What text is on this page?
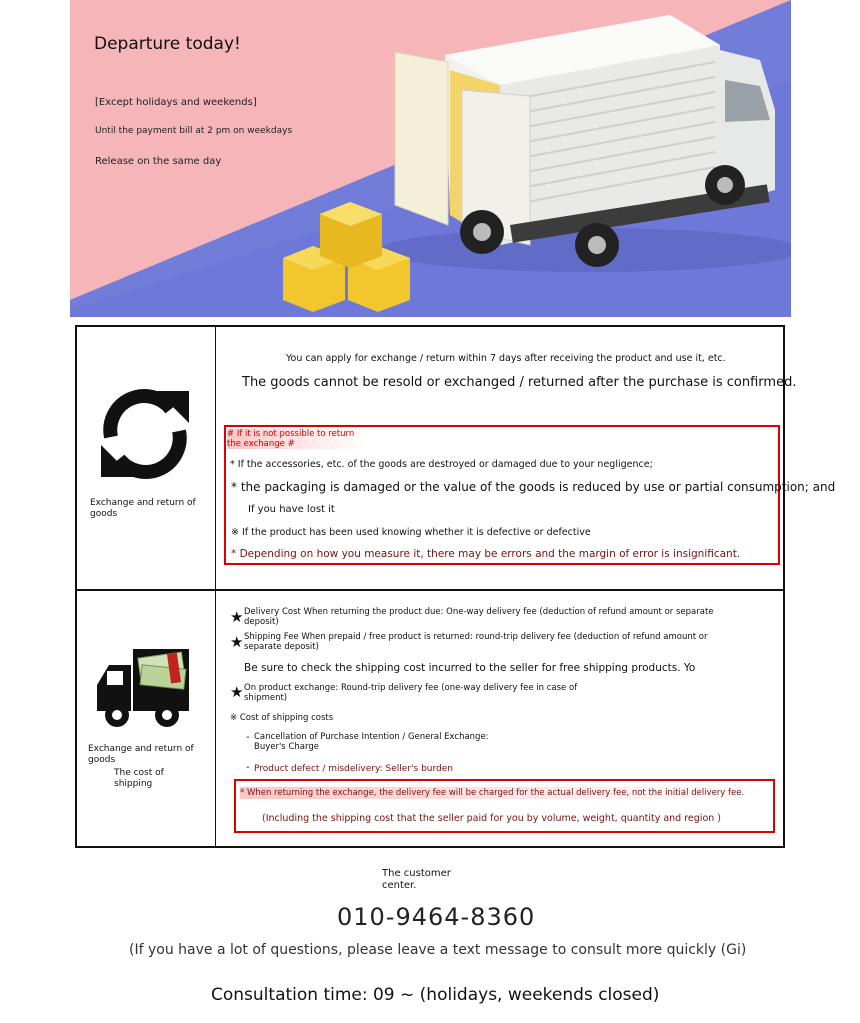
Departure today!
[Except holidays and weekends]
Until the payment bill at 2 pm on weekdays
Release on the same day
Exchange and return of goods
You can apply for exchange / return within 7 days after receiving the product and use it, etc.
The goods cannot be resold or exchanged / returned after the purchase is confirmed.
# If it is not possible to return the exchange #
* If the accessories, etc. of the goods are destroyed or damaged due to your negligence;
* the packaging is damaged or the value of the goods is reduced by use or partial consumption; and
If you have lost it
※ If the product has been used knowing whether it is defective or defective
* Depending on how you measure it, there may be errors and the margin of error is insignificant.
Exchange and return of goods
The cost of shipping
★ Delivery Cost When returning the product due: One-way delivery fee (deduction of refund amount or separate deposit)
★ Shipping Fee When prepaid / free product is returned: round-trip delivery fee (deduction of refund amount or separate deposit)
Be sure to check the shipping cost incurred to the seller for free shipping products. Yo
★ On product exchange: Round-trip delivery fee (one-way delivery fee in case of shipment)
※ Cost of shipping costs
- Cancellation of Purchase Intention / General Exchange: Buyer's Charge
- Product defect / misdelivery: Seller's burden
* When returning the exchange, the delivery fee will be charged for the actual delivery fee, not the initial delivery fee.
(Including the shipping cost that the seller paid for you by volume, weight, quantity and region )
The customer center.
010-9464-8360
(If you have a lot of questions, please leave a text message to consult more quickly (Gi)
Consultation time: 09 ~ (holidays, weekends closed)
